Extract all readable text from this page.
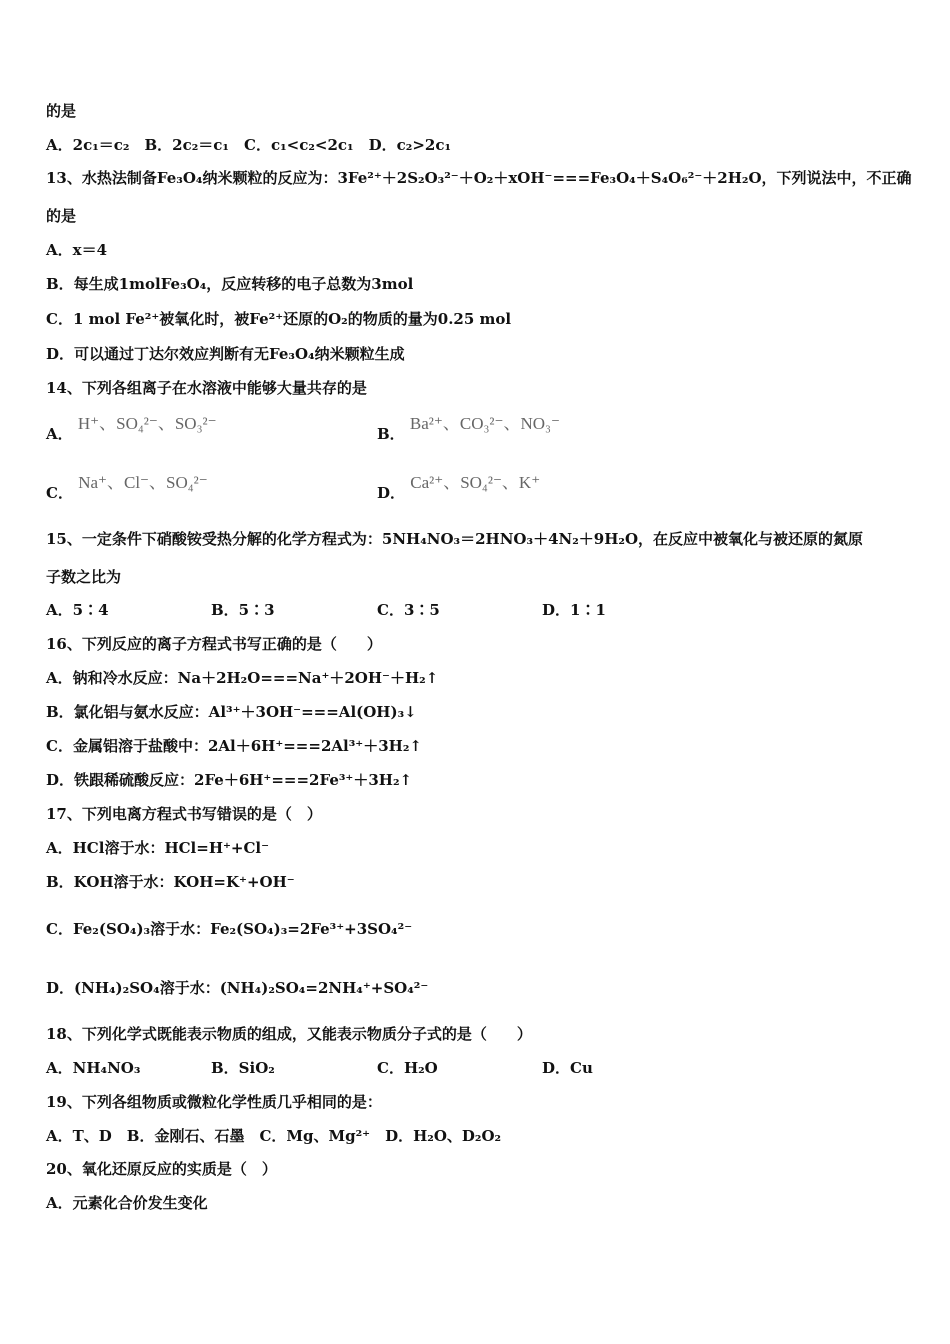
的是
A．2c₁＝c₂　B．2c₂＝c₁　C．c₁<c₂<2c₁　D．c₂>2c₁
13、水热法制备Fe₃O₄纳米颗粒的反应为：3Fe²⁺＋2S₂O₃²⁻＋O₂＋xOH⁻===Fe₃O₄＋S₄O₆²⁻＋2H₂O，下列说法中，不正确
的是
A．x＝4
B．每生成1molFe₃O₄，反应转移的电子总数为3mol
C．1 mol Fe²⁺被氧化时，被Fe²⁺还原的O₂的物质的量为0.25 mol
D．可以通过丁达尔效应判断有无Fe₃O₄纳米颗粒生成
14、下列各组离子在水溶液中能够大量共存的是
A． H⁺、SO₄²⁻、SO₃²⁻
B． Ba²⁺、CO₃²⁻、NO₃⁻
C． Na⁺、Cl⁻、SO₄²⁻
D． Ca²⁺、SO₄²⁻、K⁺
15、一定条件下硝酸铵受热分解的化学方程式为：5NH₄NO₃＝2HNO₃＋4N₂＋9H₂O，在反应中被氧化与被还原的氮原
子数之比为
A．5∶4	B．5∶3	C．3∶5	D．1∶1
16、下列反应的离子方程式书写正确的是（　　）
A．钠和冷水反应：Na＋2H₂O===Na⁺＋2OH⁻＋H₂↑
B．氯化铝与氨水反应：Al³⁺＋3OH⁻===Al(OH)₃↓
C．金属铝溶于盐酸中：2Al＋6H⁺===2Al³⁺＋3H₂↑
D．铁跟稀硫酸反应：2Fe＋6H⁺===2Fe³⁺＋3H₂↑
17、下列电离方程式书写错误的是（　）
A．HCl溶于水：HCl=H⁺+Cl⁻
B．KOH溶于水：KOH=K⁺+OH⁻
C．Fe₂(SO₄)₃溶于水：Fe₂(SO₄)₃=2Fe³⁺+3SO₄²⁻
D．(NH₄)₂SO₄溶于水：(NH₄)₂SO₄=2NH₄⁺+SO₄²⁻
18、下列化学式既能表示物质的组成，又能表示物质分子式的是（　　）
A．NH₄NO₃	B．SiO₂	C．H₂O	D．Cu
19、下列各组物质或微粒化学性质几乎相同的是：
A．T、D　B．金刚石、石墨　C．Mg、Mg²⁺　D．H₂O、D₂O₂
20、氧化还原反应的实质是（　）
A．元素化合价发生变化
